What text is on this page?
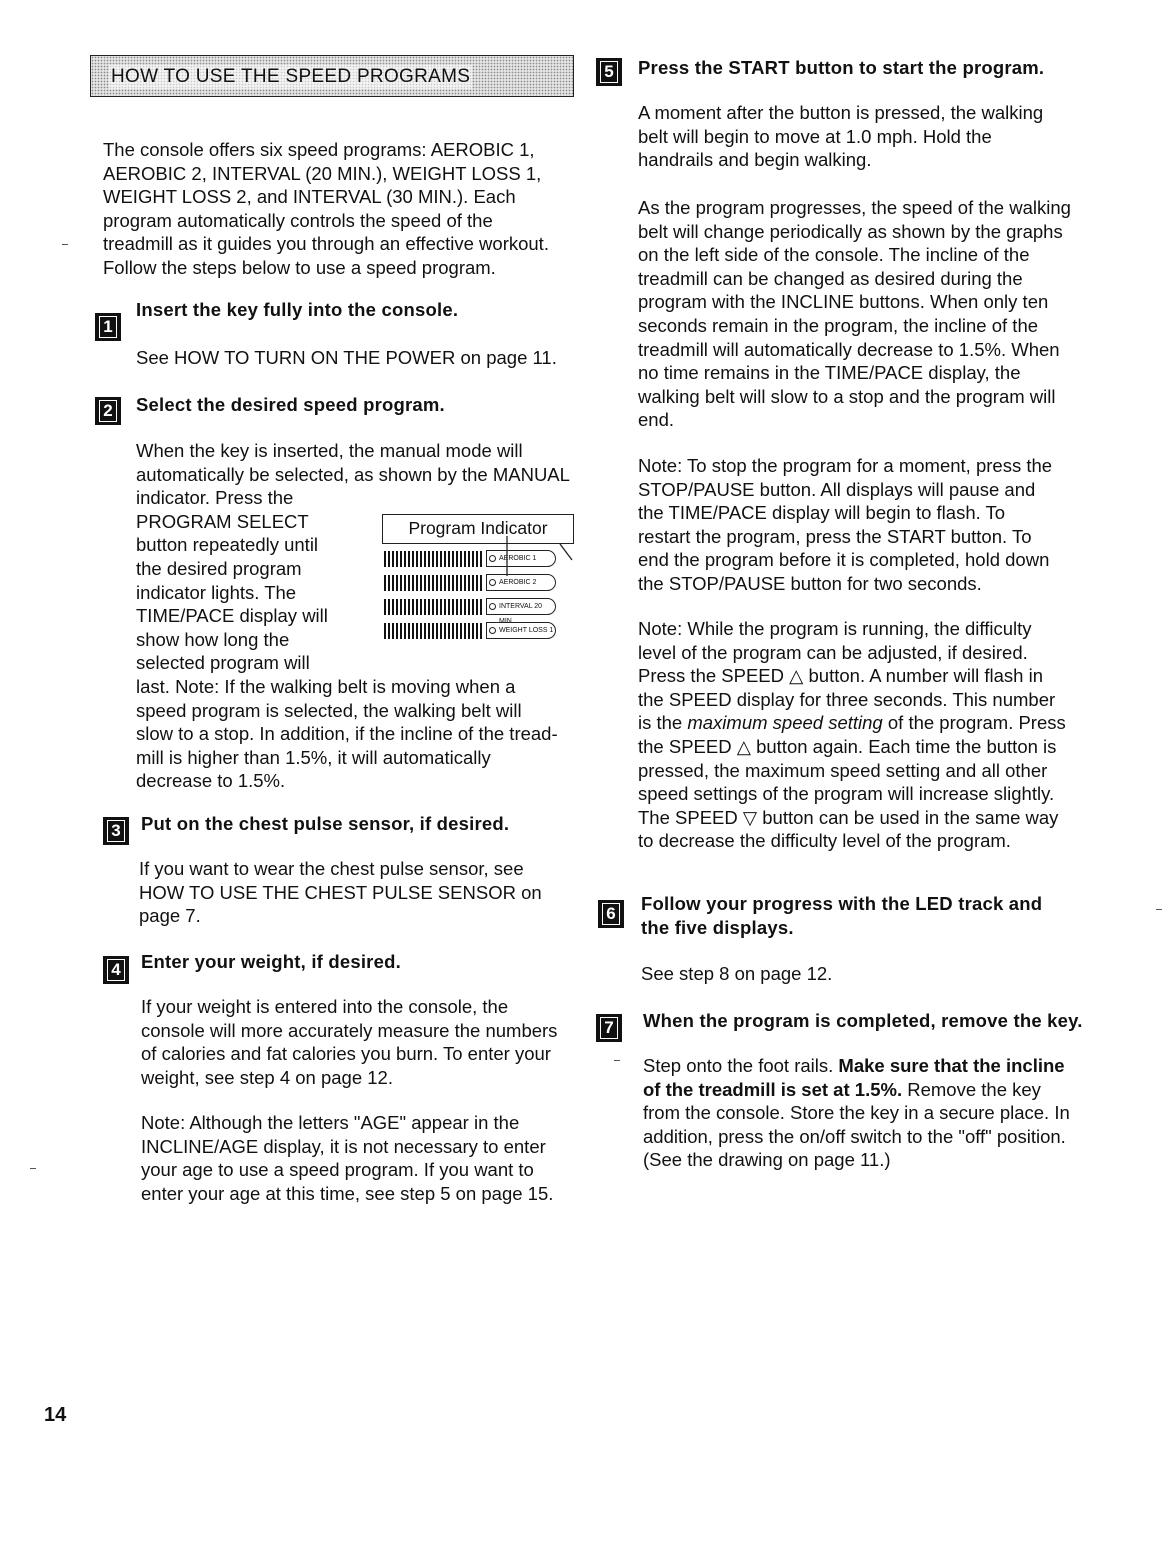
HOW TO USE THE SPEED PROGRAMS

The console offers six speed programs: AEROBIC 1,

AEROBIC 2, INTERVAL (20 MIN.), WEIGHT LOSS 1,

WEIGHT LOSS 2, and INTERVAL (30 MIN.). Each

program automatically controls the speed of the

treadmill as it guides you through an effective workout.

Follow the steps below to use a speed program.

1
Insert the key fully into the console.

See HOW TO TURN ON THE POWER on page 11.

2 Select the desired speed program.

When the key is inserted, the manual mode will

automatically be selected, as shown by the MANUAL

indicator. Press the

PROGRAM SELECT

button repeatedly until

the desired program

indicator lights. The

TIME/PACE display will

show how long the

selected program will

last. Note: If the walking belt is moving when a

speed program is selected, the walking belt will

slow to a stop. In addition, if the incline of the tread-

mill is higher than 1.5%, it will automatically

decrease to 1.5%.

Program Indicator
AEROBIC 1
AEROBIC 2
INTERVAL 20 MIN.
WEIGHT LOSS 1
3 Put on the chest pulse sensor, if desired.

If you want to wear the chest pulse sensor, see

HOW TO USE THE CHEST PULSE SENSOR on

page 7.

4 Enter your weight, if desired.

If your weight is entered into the console, the

console will more accurately measure the numbers

of calories and fat calories you burn. To enter your

weight, see step 4 on page 12.

Note: Although the letters "AGE" appear in the

INCLINE/AGE display, it is not necessary to enter

your age to use a speed program. If you want to

enter your age at this time, see step 5 on page 15.

5 Press the START button to start the program.

A moment after the button is pressed, the walking

belt will begin to move at 1.0 mph. Hold the

handrails and begin walking.

As the program progresses, the speed of the walking

belt will change periodically as shown by the graphs

on the left side of the console. The incline of the

treadmill can be changed as desired during the

program with the INCLINE buttons. When only ten

seconds remain in the program, the incline of the

treadmill will automatically decrease to 1.5%. When

no time remains in the TIME/PACE display, the

walking belt will slow to a stop and the program will

end.

Note: To stop the program for a moment, press the

STOP/PAUSE button. All displays will pause and

the TIME/PACE display will begin to flash. To

restart the program, press the START button. To

end the program before it is completed, hold down

the STOP/PAUSE button for two seconds.

Note: While the program is running, the difficulty

level of the program can be adjusted, if desired.

Press the SPEED △ button. A number will flash in

the SPEED display for three seconds. This number

is the maximum speed setting of the program. Press

the SPEED △ button again. Each time the button is

pressed, the maximum speed setting and all other

speed settings of the program will increase slightly.

The SPEED ▽ button can be used in the same way

to decrease the difficulty level of the program.

6 Follow your progress with the LED track and

the five displays.

See step 8 on page 12.

7 When the program is completed, remove the key.

Step onto the foot rails. Make sure that the incline

of the treadmill is set at 1.5%. Remove the key

from the console. Store the key in a secure place. In

addition, press the on/off switch to the "off" position.

(See the drawing on page 11.)

14
